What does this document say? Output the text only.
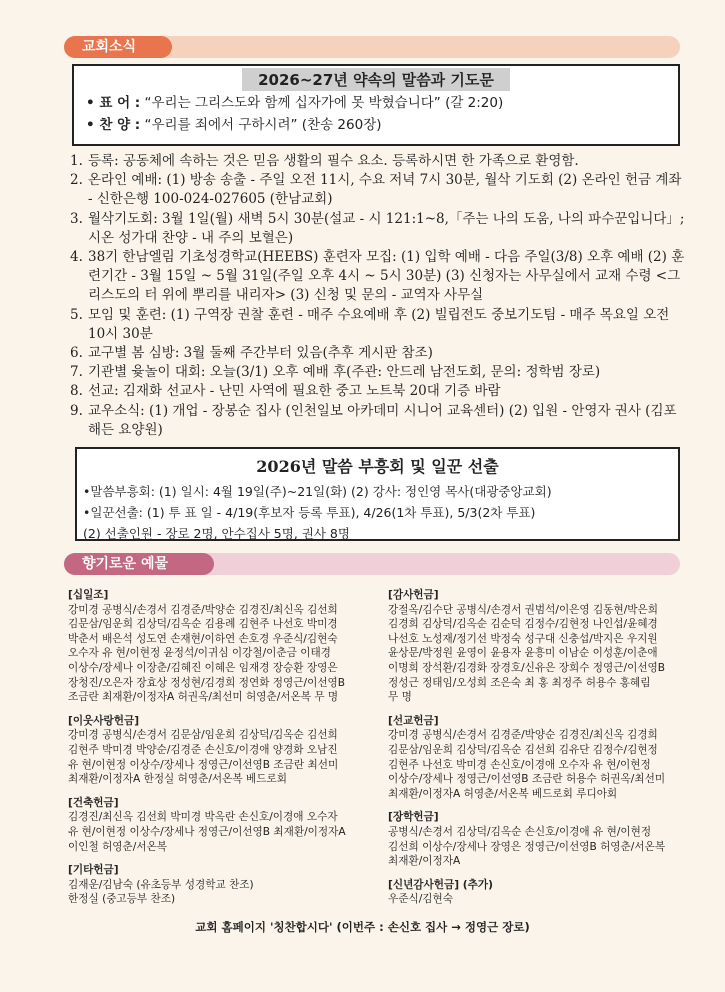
교회소식
2026~27년 약속의 말씀과 기도문
• 표 어 : “우리는 그리스도와 함께 십자가에 못 박혔습니다” (갈 2:20)
• 찬 양 : “우리를 죄에서 구하시려” (찬송 260장)
1. 등록: 공동체에 속하는 것은 믿음 생활의 필수 요소. 등록하시면 한 가족으로 환영함.
2. 온라인 예배: (1) 방송 송출 - 주일 오전 11시, 수요 저녁 7시 30분, 월삭 기도회 (2) 온라인 헌금 계좌 - 신한은행 100-024-027605 (한남교회)
3. 월삭기도회: 3월 1일(월) 새벽 5시 30분(설교 - 시 121:1~8,「주는 나의 도움, 나의 파수꾼입니다」; 시온 성가대 찬양 - 내 주의 보혈은)
4. 38기 한남엘림 기초성경학교(HEEBS) 훈련자 모집: (1) 입학 예배 - 다음 주일(3/8) 오후 예배 (2) 훈련기간 - 3월 15일 ~ 5월 31일(주일 오후 4시 ~ 5시 30분) (3) 신청자는 사무실에서 교재 수령 <그리스도의 터 위에 뿌리를 내리자> (3) 신청 및 문의 - 교역자 사무실
5. 모임 및 훈련: (1) 구역장 권찰 훈련 - 매주 수요예배 후 (2) 빌립전도 중보기도팀 - 매주 목요일 오전 10시 30분
6. 교구별 봄 심방: 3월 둘째 주간부터 있음(추후 게시판 참조)
7. 기관별 윷놀이 대회: 오늘(3/1) 오후 예배 후(주관: 안드레 남전도회, 문의: 정학범 장로)
8. 선교: 김재화 선교사 - 난민 사역에 필요한 중고 노트북 20대 기증 바람
9. 교우소식: (1) 개업 - 장봉순 집사 (인천일보 아카데미 시니어 교육센터) (2) 입원 - 안영자 권사 (김포 해든 요양원)
2026년 말씀 부흥회 및 일꾼 선출
•말씀부흥회: (1) 일시: 4월 19일(주)~21일(화) (2) 강사: 정인영 목사(대광중앙교회)
•일꾼선출: (1) 투 표 일 - 4/19(후보자 등록 투표), 4/26(1차 투표), 5/3(2차 투표)
(2) 선출인원 - 장로 2명, 안수집사 5명, 권사 8명
향기로운 예물
[십일조]

강미경 공병식/손경서 김경준/박양순 김경진/최신옥 김선희
김문삼/임운희 김상덕/김옥순 김용례 김현주 나선호 박미경
박춘서 배은석 성도연 손재현/이하연 손호경 우준식/김현숙
오수자 유 현/이현정 윤정석/이귀심 이강철/이춘금 이태경
이상수/장세나 이장춘/김혜진 이혜은 임재경 장승환 장영은
장청진/오은자 장효상 정성현/김경희 정연화 정영근/이선영B
조금란 최재환/이정자A 허권옥/최선미 허영춘/서온복 무 명

[이웃사랑헌금]

강미경 공병식/손경서 김문삼/임운희 김상덕/김옥순 김선희
김현주 박미경 박양순/김경준 손신호/이경애 양경화 오남진
유 현/이현정 이상수/장세나 정영근/이선영B 조금란 최선미
최재환/이정자A 한정실 허영춘/서온복 베드로회

[건축헌금]

김경진/최신옥 김선희 박미경 박옥란 손신호/이경애 오수자
유 현/이현정 이상수/장세나 정영근/이선영B 최재환/이정자A
이인철 허영춘/서온복

[기타헌금]

김재운/김남숙 (유초등부 성경학교 찬조)
한정실 (중고등부 찬조)

[감사헌금]

강절옥/김수단 공병식/손경서 권범석/이은영 김동현/박은희
김경희 김상덕/김옥순 김순덕 김정수/김현정 나인섭/윤혜경
나선호 노성재/정기선 박정숙 성구대 신충섭/박지은 우지원
윤상문/박정원 윤영이 윤용자 윤흥미 이남순 이성훈/이춘애
이명희 장석환/김경화 장경호/신유은 장희수 정영근/이선영B
정성근 정태임/오성희 조은숙 최 홍 최정주 허용수 홍혜림
무 명

[선교헌금]

강미경 공병식/손경서 김경준/박양순 김경진/최신옥 김경희
김문삼/임운희 김상덕/김옥순 김선희 김유단 김정수/김현정
김현주 나선호 박미경 손신호/이경애 오수자 유 현/이현정
이상수/장세나 정영근/이선영B 조금란 허용수 허권옥/최선미
최재환/이정자A 허영춘/서온복 베드로회 루디아회

[장학헌금]

공병식/손경서 김상덕/김옥순 손신호/이경애 유 현/이현정
김선희 이상수/장세나 장영은 정영근/이선영B 허영춘/서온복
최재환/이정자A

[신년감사헌금] (추가)

우준식/김현숙

교회 홈페이지 '칭찬합시다' (이번주 : 손신호 집사 → 정영근 장로)
